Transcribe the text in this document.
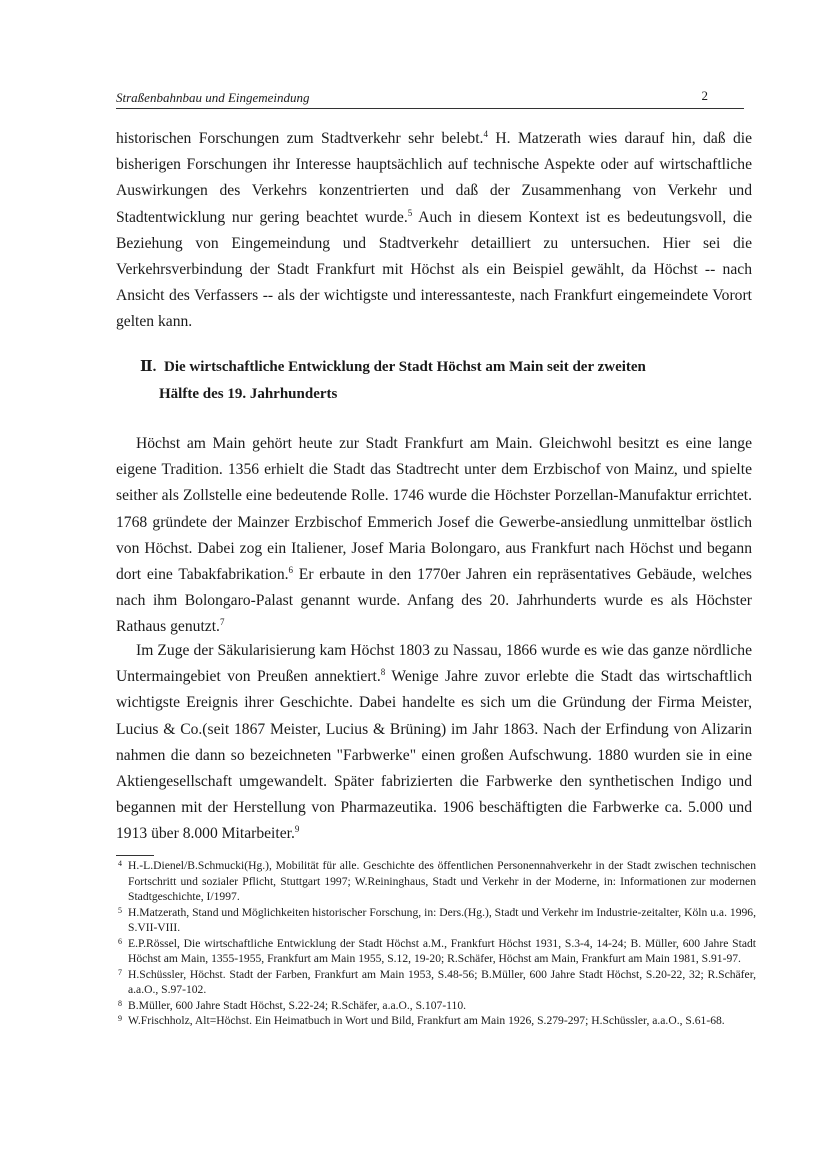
Straßenbahnbau und Eingemeindung	2

historischen Forschungen zum Stadtverkehr sehr belebt.$^4$ H. Matzerath wies darauf hin, daß die bisherigen Forschungen ihr Interesse hauptsächlich auf technische Aspekte oder auf wirtschaftliche Auswirkungen des Verkehrs konzentrierten und daß der Zusammenhang von Verkehr und Stadtentwicklung nur gering beachtet wurde.$^5$ Auch in diesem Kontext ist es bedeutungsvoll, die Beziehung von Eingemeindung und Stadtverkehr detailliert zu untersuchen. Hier sei die Verkehrsverbindung der Stadt Frankfurt mit Höchst als ein Beispiel gewählt, da Höchst -- nach Ansicht des Verfassers -- als der wichtigste und interessanteste, nach Frankfurt eingemeindete Vorort gelten kann.

Ⅱ. Die wirtschaftliche Entwicklung der Stadt Höchst am Main seit der zweiten
Hälfte des 19. Jahrhunderts

Höchst am Main gehört heute zur Stadt Frankfurt am Main. Gleichwohl besitzt es eine lange eigene Tradition. 1356 erhielt die Stadt das Stadtrecht unter dem Erzbischof von Mainz, und spielte seither als Zollstelle eine bedeutende Rolle. 1746 wurde die Höchster Porzellan-Manufaktur errichtet. 1768 gründete der Mainzer Erzbischof Emmerich Josef die Gewerbe-ansiedlung unmittelbar östlich von Höchst. Dabei zog ein Italiener, Josef Maria Bolongaro, aus Frankfurt nach Höchst und begann dort eine Tabakfabrikation.$^6$ Er erbaute in den 1770er Jahren ein repräsentatives Gebäude, welches nach ihm Bolongaro-Palast genannt wurde. Anfang des 20. Jahrhunderts wurde es als Höchster Rathaus genutzt.$^7$

Im Zuge der Säkularisierung kam Höchst 1803 zu Nassau, 1866 wurde es wie das ganze nördliche Untermaingebiet von Preußen annektiert.$^8$ Wenige Jahre zuvor erlebte die Stadt das wirtschaftlich wichtigste Ereignis ihrer Geschichte. Dabei handelte es sich um die Gründung der Firma Meister, Lucius & Co.(seit 1867 Meister, Lucius & Brüning) im Jahr 1863. Nach der Erfindung von Alizarin nahmen die dann so bezeichneten "Farbwerke" einen großen Aufschwung. 1880 wurden sie in eine Aktiengesellschaft umgewandelt. Später fabrizierten die Farbwerke den synthetischen Indigo und begannen mit der Herstellung von Pharmazeutika. 1906 beschäftigten die Farbwerke ca. 5.000 und 1913 über 8.000 Mitarbeiter.$^9$

4 H.-L.Dienel/B.Schmucki(Hg.), Mobilität für alle. Geschichte des öffentlichen Personennahverkehr in der Stadt zwischen technischen Fortschritt und sozialer Pflicht, Stuttgart 1997; W.Reininghaus, Stadt und Verkehr in der Moderne, in: Informationen zur modernen Stadtgeschichte, I/1997.

5 H.Matzerath, Stand und Möglichkeiten historischer Forschung, in: Ders.(Hg.), Stadt und Verkehr im Industrie-zeitalter, Köln u.a. 1996, S.VII-VIII.

6 E.P.Rössel, Die wirtschaftliche Entwicklung der Stadt Höchst a.M., Frankfurt Höchst 1931, S.3-4, 14-24; B. Müller, 600 Jahre Stadt Höchst am Main, 1355-1955, Frankfurt am Main 1955, S.12, 19-20; R.Schäfer, Höchst am Main, Frankfurt am Main 1981, S.91-97.

7 H.Schüssler, Höchst. Stadt der Farben, Frankfurt am Main 1953, S.48-56; B.Müller, 600 Jahre Stadt Höchst, S.20-22, 32; R.Schäfer, a.a.O., S.97-102.

8 B.Müller, 600 Jahre Stadt Höchst, S.22-24; R.Schäfer, a.a.O., S.107-110.

9 W.Frischholz, Alt=Höchst. Ein Heimatbuch in Wort und Bild, Frankfurt am Main 1926, S.279-297; H.Schüssler, a.a.O., S.61-68.
